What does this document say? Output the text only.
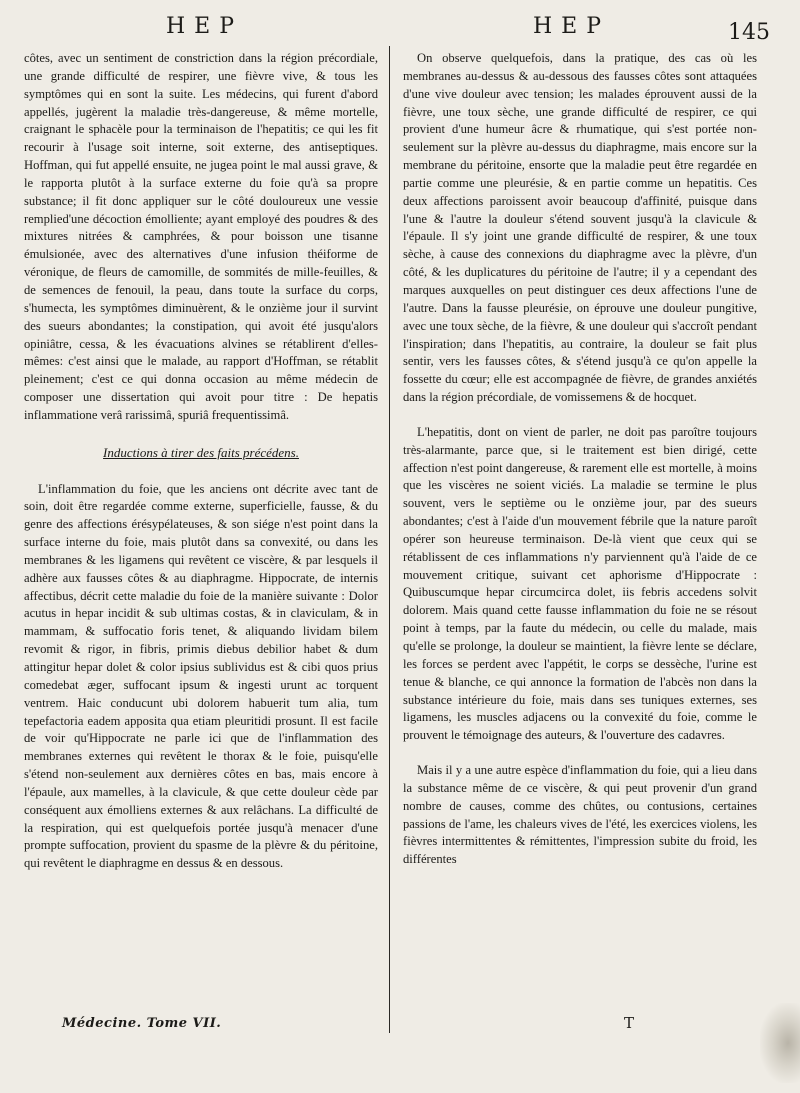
HEP	HEP	145

côtes, avec un sentiment de constriction dans la région précordiale, une grande difficulté de respirer, une fièvre vive, & tous les symptômes qui en sont la suite. Les médecins, qui furent d'abord appellés, jugèrent la maladie très-dangereuse, & même mortelle, craignant le sphacèle pour la terminaison de l'hepatitis; ce qui les fit recourir à l'usage soit interne, soit externe, des antiseptiques. Hoffman, qui fut appellé ensuite, ne jugea point le mal aussi grave, & le rapporta plutôt à la surface externe du foie qu'à sa propre substance; il fit donc appliquer sur le côté douloureux une vessie remplied'une décoction émolliente; ayant employé des poudres & des mixtures nitrées & camphrées, & pour boisson une tisanne émulsionée, avec des alternatives d'une infusion théiforme de véronique, de fleurs de camomille, de sommités de mille-feuilles, & de semences de fenouil, la peau, dans toute la surface du corps, s'humecta, les symptômes diminuèrent, & le onzième jour il survint des sueurs abondantes; la constipation, qui avoit été jusqu'alors opiniâtre, cessa, & les évacuations alvines se rétablirent d'elles-mêmes: c'est ainsi que le malade, au rapport d'Hoffman, se rétablit pleinement; c'est ce qui donna occasion au même médecin de composer une dissertation qui avoit pour titre : De hepatis inflammatione verâ rarissimâ, spuriâ frequentissimâ.

Inductions à tirer des faits précédens.

L'inflammation du foie, que les anciens ont décrite avec tant de soin, doit être regardée comme externe, superficielle, fausse, & du genre des affections érésypélateuses, & son siége n'est point dans la surface interne du foie, mais plutôt dans sa convexité, ou dans les membranes & les ligamens qui revêtent ce viscère, & par lesquels il adhère aux fausses côtes & au diaphragme. Hippocrate, de internis affectibus, décrit cette maladie du foie de la manière suivante : Dolor acutus in hepar incidit & sub ultimas costas, & in claviculam, & in mammam, & suffocatio foris tenet, & aliquando lividam bilem revomit & rigor, in fibris, primis diebus debilior habet & dum attingitur hepar dolet & color ipsius sublividus est & cibi quos prius comedebat æger, suffocant ipsum & ingesti urunt ac torquent ventrem. Haic conducunt ubi dolorem habuerit tum alia, tum tepefactoria eadem apposita qua etiam pleuritidi prosunt. Il est facile de voir qu'Hippocrate ne parle ici que de l'inflammation des membranes externes qui revêtent le thorax & le foie, puisqu'elle s'étend non-seulement aux dernières côtes en bas, mais encore à l'épaule, aux mamelles, à la clavicule, & que cette douleur cède par conséquent aux émolliens externes & aux relâchans. La difficulté de la respiration, qui est quelquefois portée jusqu'à menacer d'une prompte suffocation, provient du spasme de la plèvre & du péritoine, qui revêtent le diaphragme en dessus & en dessous.

On observe quelquefois, dans la pratique, des cas où les membranes au-dessus & au-dessous des fausses côtes sont attaquées d'une vive douleur avec tension; les malades éprouvent aussi de la fièvre, une toux sèche, une grande difficulté de respirer, ce qui provient d'une humeur âcre & rhumatique, qui s'est portée non-seulement sur la plèvre au-dessus du diaphragme, mais encore sur la membrane du péritoine, ensorte que la maladie peut être regardée en partie comme une pleurésie, & en partie comme un hepatitis. Ces deux affections paroissent avoir beaucoup d'affinité, puisque dans l'une & l'autre la douleur s'étend souvent jusqu'à la clavicule & l'épaule. Il s'y joint une grande difficulté de respirer, & une toux sèche, à cause des connexions du diaphragme avec la plèvre, d'un côté, & les duplicatures du péritoine de l'autre; il y a cependant des marques auxquelles on peut distinguer ces deux affections l'une de l'autre. Dans la fausse pleurésie, on éprouve une douleur pungitive, avec une toux sèche, de la fièvre, & une douleur qui s'accroît pendant l'inspiration; dans l'hepatitis, au contraire, la douleur se fait plus sentir, vers les fausses côtes, & s'étend jusqu'à ce qu'on appelle la fossette du cœur; elle est accompagnée de fièvre, de grandes anxiétés dans la région précordiale, de vomissemens & de hocquet.

L'hepatitis, dont on vient de parler, ne doit pas paroître toujours très-alarmante, parce que, si le traitement est bien dirigé, cette affection n'est point dangereuse, & rarement elle est mortelle, à moins que les viscères ne soient viciés. La maladie se termine le plus souvent, vers le septième ou le onzième jour, par des sueurs abondantes; c'est à l'aide d'un mouvement fébrile que la nature paroît opérer son heureuse terminaison. De-là vient que ceux qui se rétablissent de ces inflammations n'y parviennent qu'à l'aide de ce mouvement critique, suivant cet aphorisme d'Hippocrate : Quibuscumque hepar circumcirca dolet, iis febris accedens solvit dolorem. Mais quand cette fausse inflammation du foie ne se résout point à temps, par la faute du médecin, ou celle du malade, mais qu'elle se prolonge, la douleur se maintient, la fièvre lente se déclare, les forces se perdent avec l'appétit, le corps se dessèche, l'urine est tenue & blanche, ce qui annonce la formation de l'abcès non dans la substance intérieure du foie, mais dans ses tuniques externes, ses ligamens, les muscles adjacens ou la convexité du foie, comme le prouvent le témoignage des auteurs, & l'ouverture des cadavres.

Mais il y a une autre espèce d'inflammation du foie, qui a lieu dans la substance même de ce viscère, & qui peut provenir d'un grand nombre de causes, comme des chûtes, ou contusions, certaines passions de l'ame, les chaleurs vives de l'été, les exercices violens, les fièvres intermittentes & rémittentes, l'impression subite du froid, les différentes

Médecine. Tome VII.	T
